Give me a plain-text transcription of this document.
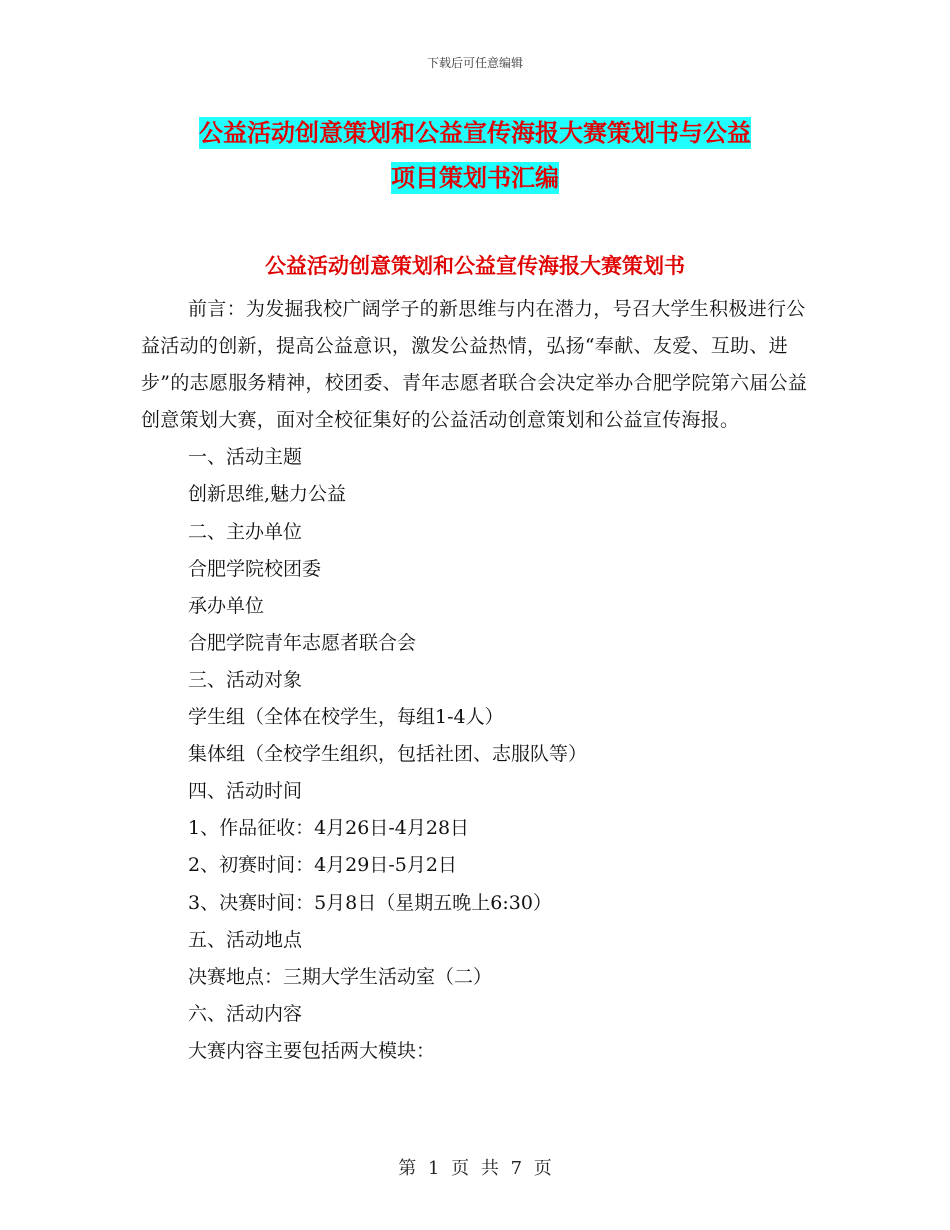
下载后可任意编辑
公益活动创意策划和公益宣传海报大赛策划书与公益
项目策划书汇编
公益活动创意策划和公益宣传海报大赛策划书

前言：为发掘我校广阔学子的新思维与内在潜力，号召大学生积极进行公益活动的创新，提高公益意识，激发公益热情，弘扬“奉献、友爱、互助、进步”的志愿服务精神，校团委、青年志愿者联合会决定举办合肥学院第六届公益创意策划大赛，面对全校征集好的公益活动创意策划和公益宣传海报。

一、活动主题

创新思维,魅力公益

二、主办单位

合肥学院校团委

承办单位

合肥学院青年志愿者联合会

三、活动对象

学生组（全体在校学生，每组1-4人）

集体组（全校学生组织，包括社团、志服队等）

四、活动时间

1、作品征收：4月26日-4月28日

2、初赛时间：4月29日-5月2日

3、决赛时间：5月8日（星期五晚上6:30）

五、活动地点

决赛地点：三期大学生活动室（二）

六、活动内容

大赛内容主要包括两大模块：

第 1 页 共 7 页
